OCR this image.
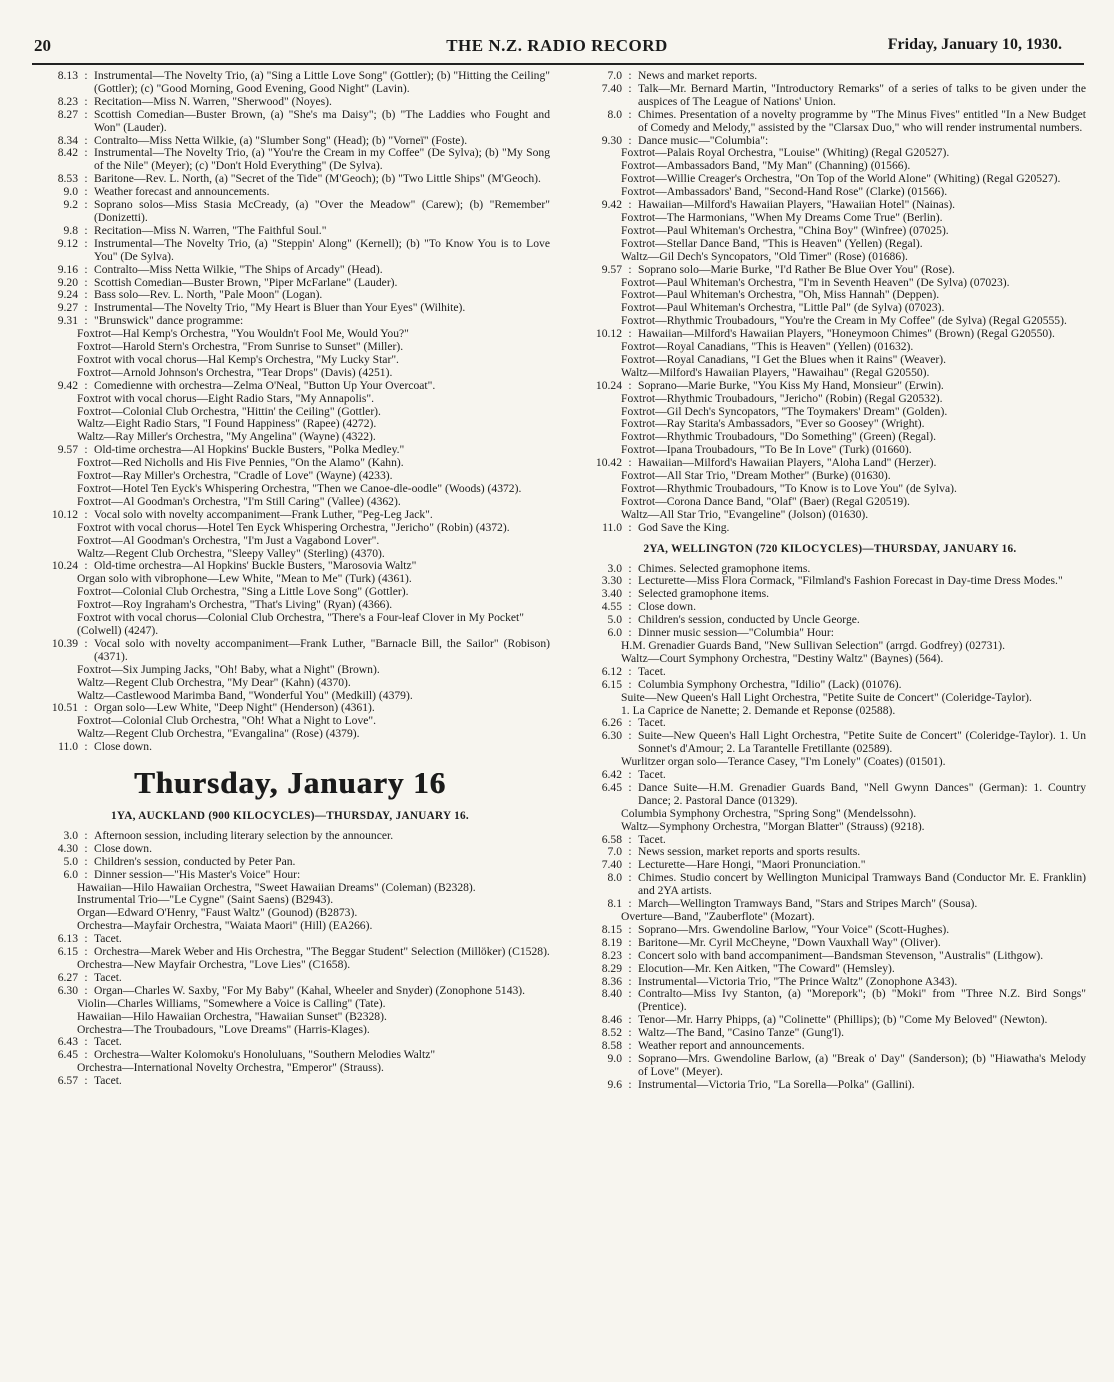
20	THE N.Z. RADIO RECORD	Friday, January 10, 1930.
8.13 : Instrumental—The Novelty Trio, (a) "Sing a Little Love Song" (Gottler); (b) "Hitting the Ceiling" (Gottler); (c) "Good Morning, Good Evening, Good Night" (Lavin).
8.23 : Recitation—Miss N. Warren, "Sherwood" (Noyes).
8.27 : Scottish Comedian—Buster Brown, (a) "She's ma Daisy"; (b) "The Laddies who Fought and Won" (Lauder).
8.34 : Contralto—Miss Netta Wilkie, (a) "Slumber Song" (Head); (b) "Vorneï" (Foste).
8.42 : Instrumental—The Novelty Trio, (a) "You're the Cream in my Coffee" (De Sylva); (b) "My Song of the Nile" (Meyer); (c) "Don't Hold Everything" (De Sylva).
8.53 : Baritone—Rev. L. North, (a) "Secret of the Tide" (M'Geoch); (b) "Two Little Ships" (M'Geoch).
9.0 : Weather forecast and announcements.
9.2 : Soprano solos—Miss Stasia McCready, (a) "Over the Meadow" (Carew); (b) "Remember" (Donizetti).
9.8 : Recitation—Miss N. Warren, "The Faithful Soul."
9.12 : Instrumental—The Novelty Trio, (a) "Steppin' Along" (Kernell); (b) "To Know You is to Love You" (De Sylva).
9.16 : Contralto—Miss Netta Wilkie, "The Ships of Arcady" (Head).
9.20 : Scottish Comedian—Buster Brown, "Piper McFarlane" (Lauder).
9.24 : Bass solo—Rev. L. North, "Pale Moon" (Logan).
9.27 : Instrumental—The Novelty Trio, "My Heart is Bluer than Your Eyes" (Wilhite).
9.31 : "Brunswick" dance programme:
Foxtrot—Hal Kemp's Orchestra, "You Wouldn't Fool Me, Would You?"
Foxtrot—Harold Stern's Orchestra, "From Sunrise to Sunset" (Miller).
Foxtrot with vocal chorus—Hal Kemp's Orchestra, "My Lucky Star".
Foxtrot—Arnold Johnson's Orchestra, "Tear Drops" (Davis) (4251).
9.42 : Comedienne with orchestra—Zelma O'Neal, "Button Up Your Overcoat".
Foxtrot with vocal chorus—Eight Radio Stars, "My Annapolis".
Foxtrot—Colonial Club Orchestra, "Hittin' the Ceiling" (Gottler).
Waltz—Eight Radio Stars, "I Found Happiness" (Rapee) (4272).
Waltz—Ray Miller's Orchestra, "My Angelina" (Wayne) (4322).
9.57 : Old-time orchestra—Al Hopkins' Buckle Busters, "Polka Medley."
Foxtrot—Red Nicholls and His Five Pennies, "On the Alamo" (Kahn).
Foxtrot—Ray Miller's Orchestra, "Cradle of Love" (Wayne) (4233).
Foxtrot—Hotel Ten Eyck's Whispering Orchestra, "Then we Canoe-dle-oodle" (Woods) (4372).
Foxtrot—Al Goodman's Orchestra, "I'm Still Caring" (Vallee) (4362).
10.12 : Vocal solo with novelty accompaniment—Frank Luther, "Peg-Leg Jack".
Foxtrot with vocal chorus—Hotel Ten Eyck Whispering Orchestra, "Jericho" (Robin) (4372).
Foxtrot—Al Goodman's Orchestra, "I'm Just a Vagabond Lover".
Waltz—Regent Club Orchestra, "Sleepy Valley" (Sterling) (4370).
10.24 : Old-time orchestra—Al Hopkins' Buckle Busters, "Marosovia Waltz"
Organ solo with vibrophone—Lew White, "Mean to Me" (Turk) (4361).
Foxtrot—Colonial Club Orchestra, "Sing a Little Love Song" (Gottler).
Foxtrot—Roy Ingraham's Orchestra, "That's Living" (Ryan) (4366).
Foxtrot with vocal chorus—Colonial Club Orchestra, "There's a Four-leaf Clover in My Pocket" (Colwell) (4247).
10.39 : Vocal solo with novelty accompaniment—Frank Luther, "Barnacle Bill, the Sailor" (Robison) (4371).
Foxtrot—Six Jumping Jacks, "Oh! Baby, what a Night" (Brown).
Waltz—Regent Club Orchestra, "My Dear" (Kahn) (4370).
Waltz—Castlewood Marimba Band, "Wonderful You" (Medkill) (4379).
10.51 : Organ solo—Lew White, "Deep Night" (Henderson) (4361).
Foxtrot—Colonial Club Orchestra, "Oh! What a Night to Love".
Waltz—Regent Club Orchestra, "Evangalina" (Rose) (4379).
11.0 : Close down.
Thursday, January 16
1YA, AUCKLAND (900 KILOCYCLES)—THURSDAY, JANUARY 16.
3.0 : Afternoon session, including literary selection by the announcer.
4.30 : Close down.
5.0 : Children's session, conducted by Peter Pan.
6.0 : Dinner session—"His Master's Voice" Hour:
Hawaiian—Hilo Hawaiian Orchestra, "Sweet Hawaiian Dreams" (Coleman) (B2328).
Instrumental Trio—"Le Cygne" (Saint Saens) (B2943).
Organ—Edward O'Henry, "Faust Waltz" (Gounod) (B2873).
Orchestra—Mayfair Orchestra, "Waiata Maori" (Hill) (EA266).
6.13 : Tacet.
6.15 : Orchestra—Marek Weber and His Orchestra, "The Beggar Student" Selection (Millöker) (C1528).
Orchestra—New Mayfair Orchestra, "Love Lies" (C1658).
6.27 : Tacet.
6.30 : Organ—Charles W. Saxby, "For My Baby" (Kahal, Wheeler and Snyder) (Zonophone 5143).
Violin—Charles Williams, "Somewhere a Voice is Calling" (Tate).
Hawaiian—Hilo Hawaiian Orchestra, "Hawaiian Sunset" (B2328).
Orchestra—The Troubadours, "Love Dreams" (Harris-Klages).
6.43 : Tacet.
6.45 : Orchestra—Walter Kolomoku's Honoluluans, "Southern Melodies Waltz"
Orchestra—International Novelty Orchestra, "Emperor" (Strauss).
6.57 : Tacet.
7.0 : News and market reports.
7.40 : Talk—Mr. Bernard Martin, "Introductory Remarks" of a series of talks to be given under the auspices of The League of Nations' Union.
8.0 : Chimes. Presentation of a novelty programme by "The Minus Fives" entitled "In a New Budget of Comedy and Melody," assisted by the "Clarsax Duo," who will render instrumental numbers.
9.30 : Dance music—"Columbia":
Foxtrot—Palais Royal Orchestra, "Louise" (Whiting) (Regal G20527).
Foxtrot—Ambassadors Band, "My Man" (Channing) (01566).
Foxtrot—Willie Creager's Orchestra, "On Top of the World Alone" (Whiting) (Regal G20527).
Foxtrot—Ambassadors' Band, "Second-Hand Rose" (Clarke) (01566).
9.42 : Hawaiian—Milford's Hawaiian Players, "Hawaiian Hotel" (Nainas).
Foxtrot—The Harmonians, "When My Dreams Come True" (Berlin).
Foxtrot—Paul Whiteman's Orchestra, "China Boy" (Winfree) (07025).
Foxtrot—Stellar Dance Band, "This is Heaven" (Yellen) (Regal).
Waltz—Gil Dech's Syncopators, "Old Timer" (Rose) (01686).
9.57 : Soprano solo—Marie Burke, "I'd Rather Be Blue Over You" (Rose).
Foxtrot—Paul Whiteman's Orchestra, "I'm in Seventh Heaven" (De Sylva) (07023).
Foxtrot—Paul Whiteman's Orchestra, "Oh, Miss Hannah" (Deppen).
Foxtrot—Paul Whiteman's Orchestra, "Little Pal" (de Sylva) (07023).
Foxtrot—Rhythmic Troubadours, "You're the Cream in My Coffee" (de Sylva) (Regal G20555).
10.12 : Hawaiian—Milford's Hawaiian Players, "Honeymoon Chimes" (Brown) (Regal G20550).
Foxtrot—Royal Canadians, "This is Heaven" (Yellen) (01632).
Foxtrot—Royal Canadians, "I Get the Blues when it Rains" (Weaver).
Waltz—Milford's Hawaiian Players, "Hawaihau" (Regal G20550).
10.24 : Soprano—Marie Burke, "You Kiss My Hand, Monsieur" (Erwin).
Foxtrot—Rhythmic Troubadours, "Jericho" (Robin) (Regal G20532).
Foxtrot—Gil Dech's Syncopators, "The Toymakers' Dream" (Golden).
Foxtrot—Ray Starita's Ambassadors, "Ever so Goosey" (Wright).
Foxtrot—Rhythmic Troubadours, "Do Something" (Green) (Regal).
Foxtrot—Ipana Troubadours, "To Be In Love" (Turk) (01660).
10.42 : Hawaiian—Milford's Hawaiian Players, "Aloha Land" (Herzer).
Foxtrot—All Star Trio, "Dream Mother" (Burke) (01630).
Foxtrot—Rhythmic Troubadours, "To Know is to Love You" (de Sylva).
Foxtrot—Corona Dance Band, "Olaf" (Baer) (Regal G20519).
Waltz—All Star Trio, "Evangeline" (Jolson) (01630).
11.0 : God Save the King.
2YA, WELLINGTON (720 KILOCYCLES)—THURSDAY, JANUARY 16.
3.0 : Chimes. Selected gramophone items.
3.30 : Lecturette—Miss Flora Cormack, "Filmland's Fashion Forecast in Day-time Dress Modes."
3.40 : Selected gramophone items.
4.55 : Close down.
5.0 : Children's session, conducted by Uncle George.
6.0 : Dinner music session—"Columbia" Hour:
H.M. Grenadier Guards Band, "New Sullivan Selection" (arrgd. Godfrey) (02731).
Waltz—Court Symphony Orchestra, "Destiny Waltz" (Baynes) (564).
6.12 : Tacet.
6.15 : Columbia Symphony Orchestra, "Idilio" (Lack) (01076).
Suite—New Queen's Hall Light Orchestra, "Petite Suite de Concert" (Coleridge-Taylor).
1. La Caprice de Nanette; 2. Demande et Reponse (02588).
6.26 : Tacet.
6.30 : Suite—New Queen's Hall Light Orchestra, "Petite Suite de Concert" (Coleridge-Taylor). 1. Un Sonnet's d'Amour; 2. La Tarantelle Fretillante (02589).
Wurlitzer organ solo—Terance Casey, "I'm Lonely" (Coates) (01501).
6.42 : Tacet.
6.45 : Dance Suite—H.M. Grenadier Guards Band, "Nell Gwynn Dances" (German): 1. Country Dance; 2. Pastoral Dance (01329).
Columbia Symphony Orchestra, "Spring Song" (Mendelssohn).
Waltz—Symphony Orchestra, "Morgan Blatter" (Strauss) (9218).
6.58 : Tacet.
7.0 : News session, market reports and sports results.
7.40 : Lecturette—Hare Hongi, "Maori Pronunciation."
8.0 : Chimes. Studio concert by Wellington Municipal Tramways Band (Conductor Mr. E. Franklin) and 2YA artists.
8.1 : March—Wellington Tramways Band, "Stars and Stripes March" (Sousa).
Overture—Band, "Zauberflote" (Mozart).
8.15 : Soprano—Mrs. Gwendoline Barlow, "Your Voice" (Scott-Hughes).
8.19 : Baritone—Mr. Cyril McCheyne, "Down Vauxhall Way" (Oliver).
8.23 : Concert solo with band accompaniment—Bandsman Stevenson, "Australis" (Lithgow).
8.29 : Elocution—Mr. Ken Aitken, "The Coward" (Hemsley).
8.36 : Instrumental—Victoria Trio, "The Prince Waltz" (Zonophone A343).
8.40 : Contralto—Miss Ivy Stanton, (a) "Morepork"; (b) "Moki" from "Three N.Z. Bird Songs" (Prentice).
8.46 : Tenor—Mr. Harry Phipps, (a) "Colinette" (Phillips); (b) "Come My Beloved" (Newton).
8.52 : Waltz—The Band, "Casino Tanze" (Gung'l).
8.58 : Weather report and announcements.
9.0 : Soprano—Mrs. Gwendoline Barlow, (a) "Break o' Day" (Sanderson); (b) "Hiawatha's Melody of Love" (Meyer).
9.6 : Instrumental—Victoria Trio, "La Sorella—Polka" (Gallini).
